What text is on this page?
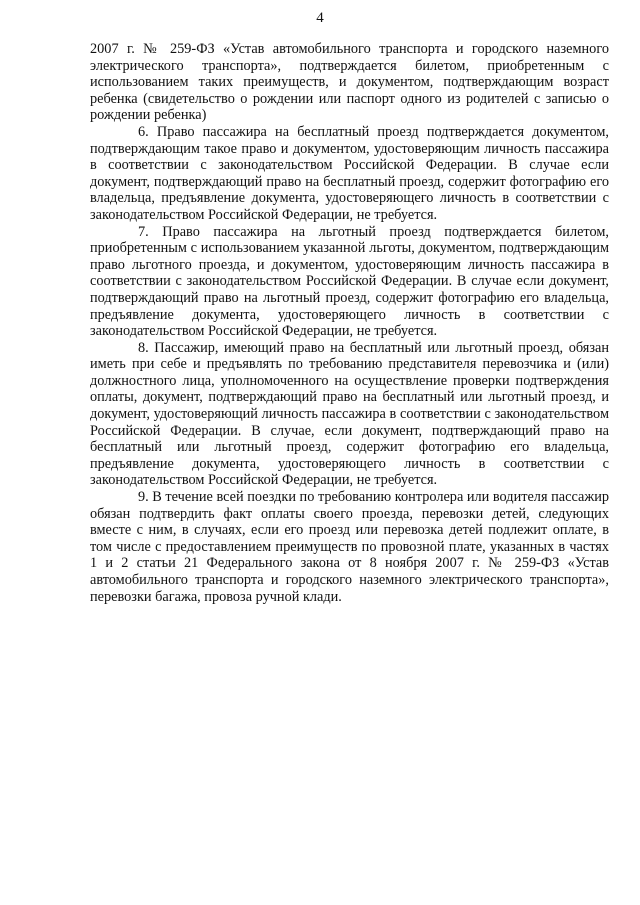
4

2007 г. № 259-ФЗ «Устав автомобильного транспорта и городского наземного электрического транспорта», подтверждается билетом, приобретенным с использованием таких преимуществ, и документом, подтверждающим возраст ребенка (свидетельство о рождении или паспорт одного из родителей с записью о рождении ребенка)

6. Право пассажира на бесплатный проезд подтверждается документом, подтверждающим такое право и документом, удостоверяющим личность пассажира в соответствии с законодательством Российской Федерации. В случае если документ, подтверждающий право на бесплатный проезд, содержит фотографию его владельца, предъявление документа, удостоверяющего личность в соответствии с законодательством Российской Федерации, не требуется.

7. Право пассажира на льготный проезд подтверждается билетом, приобретенным с использованием указанной льготы, документом, подтверждающим право льготного проезда, и документом, удостоверяющим личность пассажира в соответствии с законодательством Российской Федерации. В случае если документ, подтверждающий право на льготный проезд, содержит фотографию его владельца, предъявление документа, удостоверяющего личность в соответствии с законодательством Российской Федерации, не требуется.

8. Пассажир, имеющий право на бесплатный или льготный проезд, обязан иметь при себе и предъявлять по требованию представителя перевозчика и (или) должностного лица, уполномоченного на осуществление проверки подтверждения оплаты, документ, подтверждающий право на бесплатный или льготный проезд, и документ, удостоверяющий личность пассажира в соответствии с законодательством Российской Федерации. В случае, если документ, подтверждающий право на бесплатный или льготный проезд, содержит фотографию его владельца, предъявление документа, удостоверяющего личность в соответствии с законодательством Российской Федерации, не требуется.

9. В течение всей поездки по требованию контролера или водителя пассажир обязан подтвердить факт оплаты своего проезда, перевозки детей, следующих вместе с ним, в случаях, если его проезд или перевозка детей подлежит оплате, в том числе с предоставлением преимуществ по провозной плате, указанных в частях 1 и 2 статьи 21 Федерального закона от 8 ноября 2007 г. № 259-ФЗ «Устав автомобильного транспорта и городского наземного электрического транспорта», перевозки багажа, провоза ручной клади.
